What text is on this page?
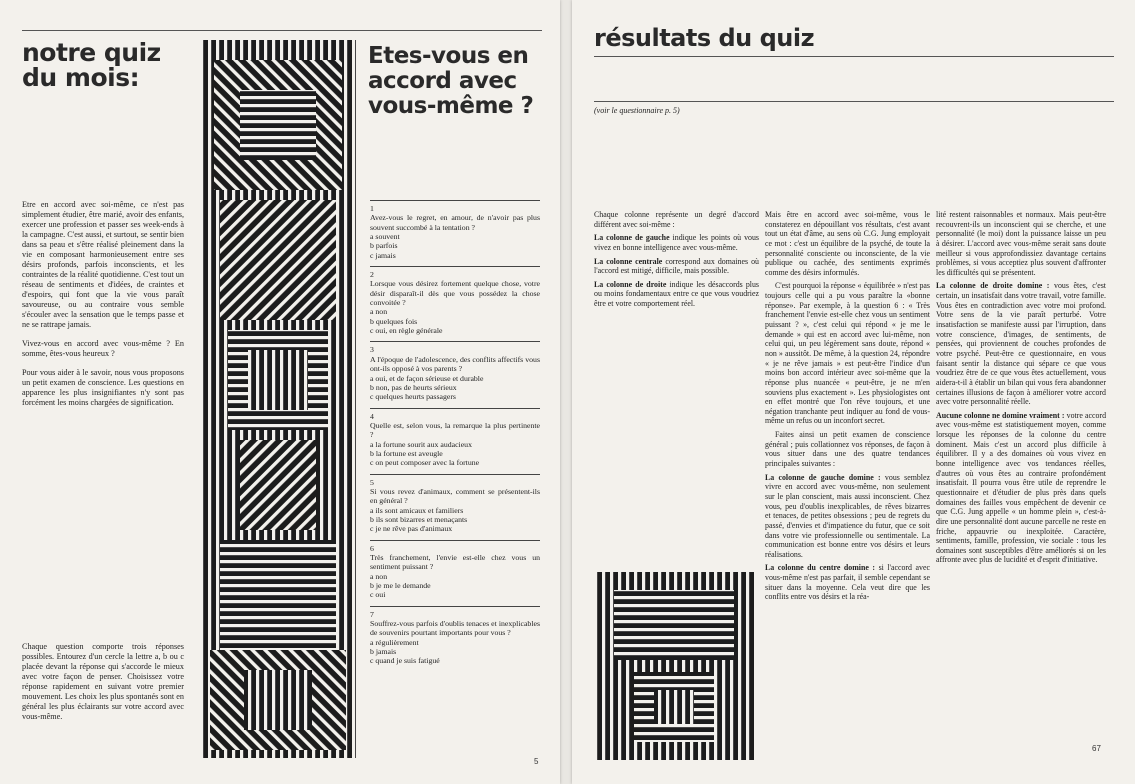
notre quiz du mois:
Etes-vous en accord avec vous-même ?

Etre en accord avec soi-même, ce n'est pas simplement étudier, être marié, avoir des enfants, exercer une profession et passer ses week-ends à la campagne. C'est aussi, et surtout, se sentir bien dans sa peau et s'être réalisé pleinement dans la vie en composant harmonieusement entre ses désirs profonds, parfois inconscients, et les contraintes de la réalité quotidienne. C'est tout un réseau de sentiments et d'idées, de craintes et d'espoirs, qui font que la vie vous paraît savoureuse, ou au contraire vous semble s'écouler avec la sensation que le temps passe et ne se rattrape jamais.

Vivez-vous en accord avec vous-même ? En somme, êtes-vous heureux ?

Pour vous aider à le savoir, nous vous proposons un petit examen de conscience. Les questions en apparence les plus insignifiantes n'y sont pas forcément les moins chargées de signification.

Chaque question comporte trois réponses possibles. Entourez d'un cercle la lettre a, b ou c placée devant la réponse qui s'accorde le mieux avec votre façon de penser. Choisissez votre réponse rapidement en suivant votre premier mouvement. Les choix les plus spontanés sont en général les plus éclairants sur votre accord avec vous-même.
1
Avez-vous le regret, en amour, de n'avoir pas plus souvent succombé à la tentation ?
a souvent
b parfois
c jamais
2
Lorsque vous désirez fortement quelque chose, votre désir disparaît-il dès que vous possédez la chose convoitée ?
a non
b quelques fois
c oui, en règle générale
3
A l'époque de l'adolescence, des conflits affectifs vous ont-ils opposé à vos parents ?
a oui, et de façon sérieuse et durable
b non, pas de heurts sérieux
c quelques heurts passagers
4
Quelle est, selon vous, la remarque la plus pertinente ?
a la fortune sourit aux audacieux
b la fortune est aveugle
c on peut composer avec la fortune
5
Si vous revez d'animaux, comment se présentent-ils en général ?
a ils sont amicaux et familiers
b ils sont bizarres et menaçants
c je ne rêve pas d'animaux
6
Très franchement, l'envie est-elle chez vous un sentiment puissant ?
a non
b je me le demande
c oui
7
Souffrez-vous parfois d'oublis tenaces et inexplicables de souvenirs pourtant importants pour vous ?
a régulièrement
b jamais
c quand je suis fatigué
5
résultats du quiz
(voir le questionnaire p. 5)

Chaque colonne représente un degré d'accord différent avec soi-même :

La colonne de gauche indique les points où vous vivez en bonne intelligence avec vous-même.

La colonne centrale correspond aux domaines où l'accord est mitigé, difficile, mais possible.

La colonne de droite indique les désaccords plus ou moins fondamentaux entre ce que vous voudriez être et votre comportement réel.

Mais être en accord avec soi-même, vous le constaterez en dépouillant vos résultats, c'est avant tout un état d'âme, au sens où C.G. Jung employait ce mot : c'est un équilibre de la psyché, de toute la personnalité consciente ou inconsciente, de la vie publique ou cachée, des sentiments exprimés comme des désirs informulés.

C'est pourquoi la réponse « équilibrée » n'est pas toujours celle qui a pu vous paraître la «bonne réponse». Par exemple, à la question 6 : « Très franchement l'envie est-elle chez vous un sentiment puissant ? », c'est celui qui répond « je me le demande » qui est en accord avec lui-même, non celui qui, un peu légèrement sans doute, répond « non » aussitôt. De même, à la question 24, répondre « je ne rêve jamais » est peut-être l'indice d'un moins bon accord intérieur avec soi-même que la réponse plus nuancée « peut-être, je ne m'en souviens plus exactement ». Les physiologistes ont en effet montré que l'on rêve toujours, et une négation tranchante peut indiquer au fond de vous-même un refus ou un inconfort secret.

Faites ainsi un petit examen de conscience général ; puis collationnez vos réponses, de façon à vous situer dans une des quatre tendances principales suivantes :

La colonne de gauche domine : vous semblez vivre en accord avec vous-même, non seulement sur le plan conscient, mais aussi inconscient. Chez vous, peu d'oublis inexplicables, de rêves bizarres et tenaces, de petites obsessions ; peu de regrets du passé, d'envies et d'impatience du futur, que ce soit dans votre vie professionnelle ou sentimentale. La communication est bonne entre vos désirs et leurs réalisations.

La colonne du centre domine : si l'accord avec vous-même n'est pas parfait, il semble cependant se situer dans la moyenne. Cela veut dire que les conflits entre vos désirs et la réa-

lité restent raisonnables et normaux. Mais peut-être recouvrent-ils un inconscient qui se cherche, et une personnalité (le moi) dont la puissance laisse un peu à désirer. L'accord avec vous-même serait sans doute meilleur si vous approfondissiez davantage certains problèmes, si vous acceptiez plus souvent d'affronter les difficultés qui se présentent.

La colonne de droite domine : vous êtes, c'est certain, un insatisfait dans votre travail, votre famille. Vous êtes en contradiction avec votre moi profond. Votre sens de la vie paraît perturbé. Votre insatisfaction se manifeste aussi par l'irruption, dans votre conscience, d'images, de sentiments, de pensées, qui proviennent de couches profondes de votre psyché. Peut-être ce questionnaire, en vous faisant sentir la distance qui sépare ce que vous voudriez être de ce que vous êtes actuellement, vous aidera-t-il à établir un bilan qui vous fera abandonner certaines illusions de façon à améliorer votre accord avec votre personnalité réelle.

Aucune colonne ne domine vraiment : votre accord avec vous-même est statistiquement moyen, comme lorsque les réponses de la colonne du centre dominent. Mais c'est un accord plus difficile à équilibrer. Il y a des domaines où vous vivez en bonne intelligence avec vos tendances réelles, d'autres où vous êtes au contraire profondément insatisfait. Il pourra vous être utile de reprendre le questionnaire et d'étudier de plus près dans quels domaines des failles vous empêchent de devenir ce que C.G. Jung appelle « un homme plein », c'est-à-dire une personnalité dont aucune parcelle ne reste en friche, appauvrie ou inexploitée. Caractère, sentiments, famille, profession, vie sociale : tous les domaines sont susceptibles d'être améliorés si on les affronte avec plus de lucidité et d'esprit d'initiative.

67
